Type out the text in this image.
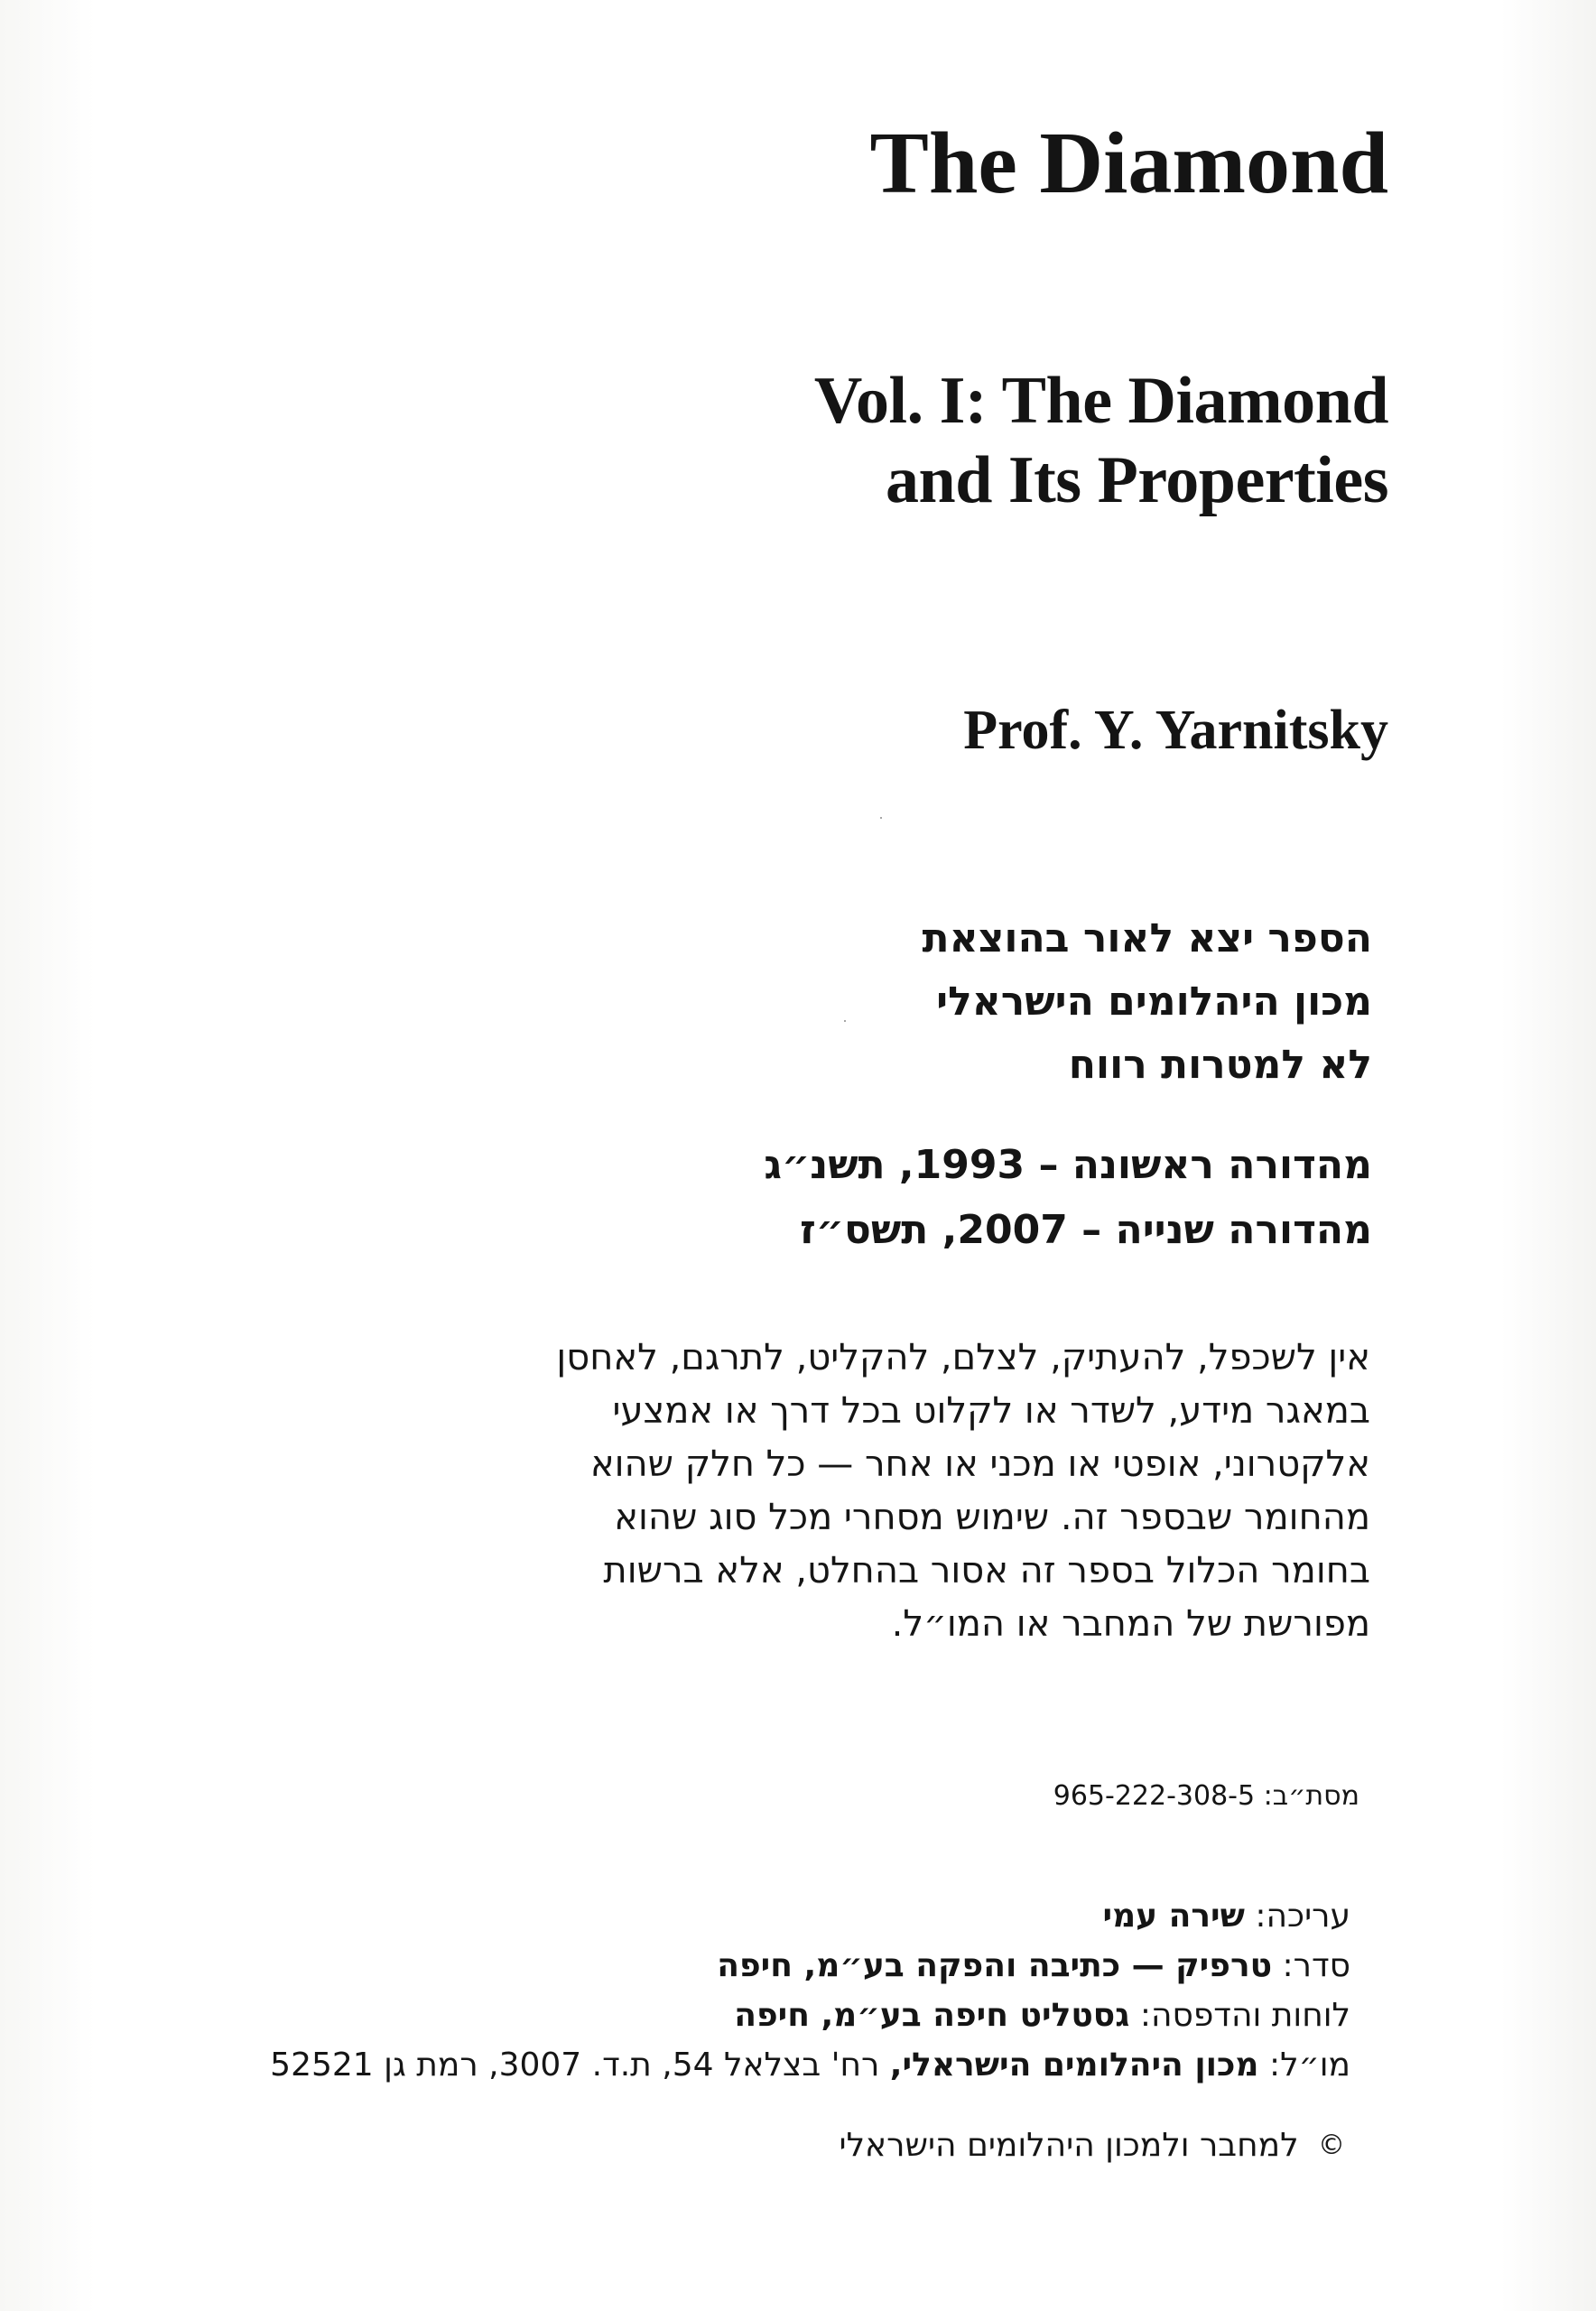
The Diamond
Vol. I: The Diamond
and Its Properties
Prof. Y. Yarnitsky
הספר יצא לאור בהוצאת
מכון היהלומים הישראלי
לא למטרות רווח
מהדורה ראשונה – 1993, תשנ״ג
מהדורה שנייה – 2007, תשס״ז
אין לשכפל, להעתיק, לצלם, להקליט, לתרגם, לאחסן
במאגר מידע, לשדר או לקלוט בכל דרך או אמצעי
אלקטרוני, אופטי או מכני או אחר — כל חלק שהוא
מהחומר שבספר זה. שימוש מסחרי מכל סוג שהוא
בחומר הכלול בספר זה אסור בהחלט, אלא ברשות
מפורשת של המחבר או המו״ל.
מסת״ב: 965-222-308-5
עריכה: שירה עמי
סדר: טרפיק — כתיבה והפקה בע״מ, חיפה
לוחות והדפסה: גסטליט חיפה בע״מ, חיפה
מו״ל: מכון היהלומים הישראלי, רח' בצלאל 54, ת.ד. 3007, רמת גן 52521
© למחבר ולמכון היהלומים הישראלי
